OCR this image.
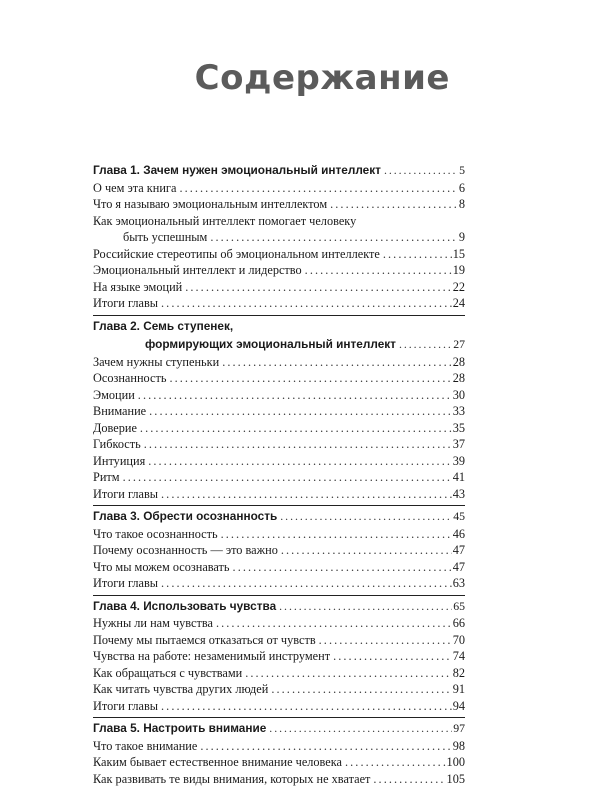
Содержание
Глава 1. Зачем нужен эмоциональный интеллект . . .	5
О чем эта книга . . .	6
Что я называю эмоциональным интеллектом . . .	8
Как эмоциональный интеллект помогает человеку
быть успешным . . .	9
Российские стереотипы об эмоциональном интеллекте . . .	15
Эмоциональный интеллект и лидерство . . .	19
На языке эмоций . . .	22
Итоги главы . . .	24
Глава 2. Семь ступенек,
формирующих эмоциональный интеллект . . .	27
Зачем нужны ступеньки . . .	28
Осознанность . . .	28
Эмоции . . .	30
Внимание . . .	33
Доверие . . .	35
Гибкость . . .	37
Интуиция . . .	39
Ритм . . .	41
Итоги главы . . .	43
Глава 3. Обрести осознанность . . .	45
Что такое осознанность . . .	46
Почему осознанность — это важно . . .	47
Что мы можем осознавать . . .	47
Итоги главы . . .	63
Глава 4. Использовать чувства . . .	65
Нужны ли нам чувства . . .	66
Почему мы пытаемся отказаться от чувств . . .	70
Чувства на работе: незаменимый инструмент . . .	74
Как обращаться с чувствами . . .	82
Как читать чувства других людей . . .	91
Итоги главы . . .	94
Глава 5. Настроить внимание . . .	97
Что такое внимание . . .	98
Каким бывает естественное внимание человека . . .	100
Как развивать те виды внимания, которых не хватает . . .	105
